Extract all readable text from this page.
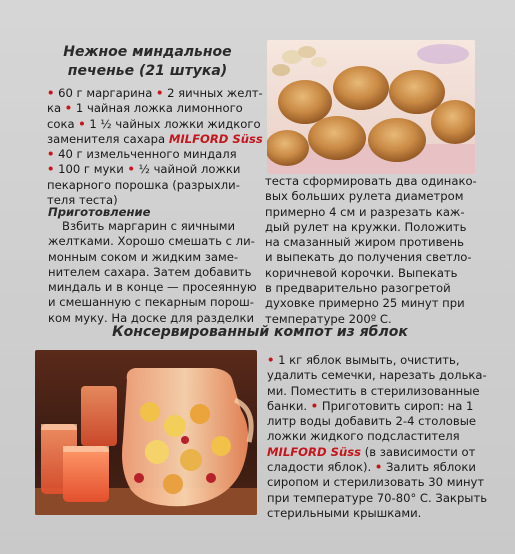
Нежное миндальное
печенье (21 штука)
• 60 г маргарина • 2 яичных желт-
ка • 1 чайная ложка лимонного
сока • 1 ½ чайных ложки жидкого
заменителя сахара MILFORD Süss
• 40 г измельченного миндаля
• 100 г муки • ½ чайной ложки
пекарного порошка (разрыхли-
теля теста)
Приготовление
Взбить маргарин с яичными
желтками. Хорошо смешать с ли-
монным соком и жидким заме-
нителем сахара. Затем добавить
миндаль и в конце — просеянную
и смешанную с пекарным порош-
ком муку. На доске для разделки
теста сформировать два одинако-
вых больших рулета диаметром
примерно 4 см и разрезать каж-
дый рулет на кружки. Положить
на смазанный жиром противень
и выпекать до получения светло-
коричневой корочки. Выпекать
в предварительно разогретой
духовке примерно 25 минут при
температуре 200º С.
Консервированный компот из яблок
• 1 кг яблок вымыть, очистить,
удалить семечки, нарезать долька-
ми. Поместить в стерилизованные
банки. • Приготовить сироп: на 1
литр воды добавить 2-4 столовые
ложки жидкого подсластителя
MILFORD Süss (в зависимости от
сладости яблок). • Залить яблоки
сиропом и стерилизовать 30 минут
при температуре 70-80° С. Закрыть
стерильными крышками.
